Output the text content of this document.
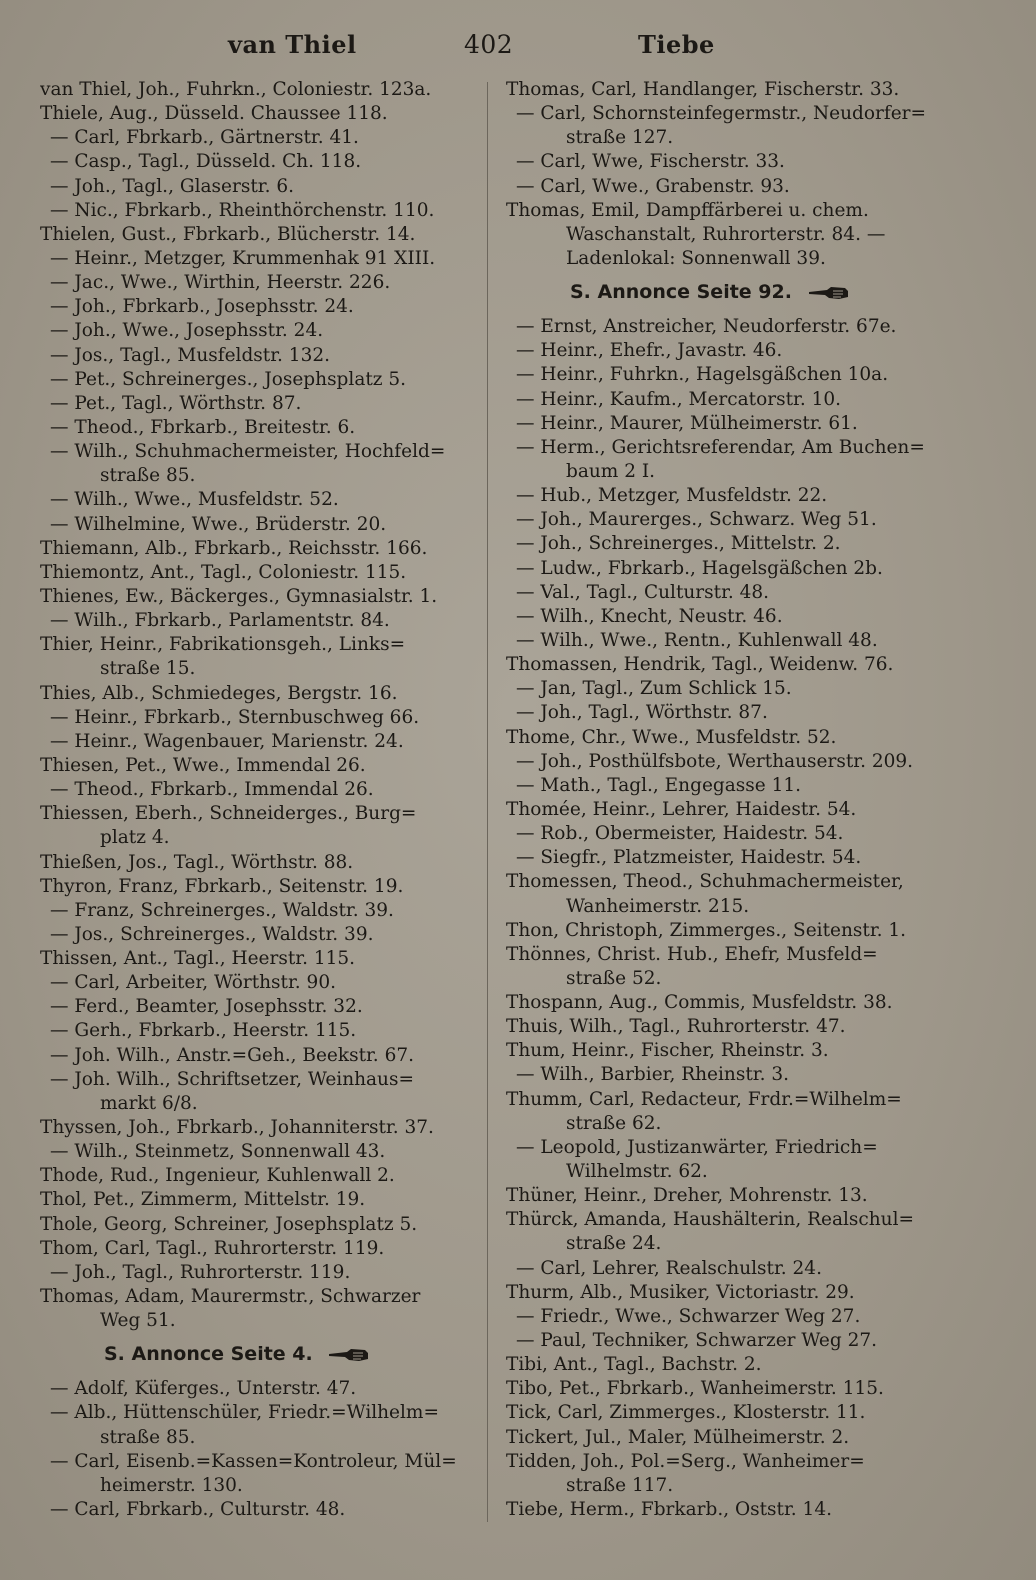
van Thiel	402	Tiebe
van Thiel, Joh., Fuhrkn., Coloniestr. 123a.
Thiele, Aug., Düsseld. Chaussee 118.
— Carl, Fbrkarb., Gärtnerstr. 41.
— Casp., Tagl., Düsseld. Ch. 118.
— Joh., Tagl., Glaserstr. 6.
— Nic., Fbrkarb., Rheinthörchenstr. 110.
Thielen, Gust., Fbrkarb., Blücherstr. 14.
— Heinr., Metzger, Krummenhak 91 XIII.
— Jac., Wwe., Wirthin, Heerstr. 226.
— Joh., Fbrkarb., Josephsstr. 24.
— Joh., Wwe., Josephsstr. 24.
— Jos., Tagl., Musfeldstr. 132.
— Pet., Schreinerges., Josephsplatz 5.
— Pet., Tagl., Wörthstr. 87.
— Theod., Fbrkarb., Breitestr. 6.
— Wilh., Schuhmachermeister, Hochfeld=
straße 85.
— Wilh., Wwe., Musfeldstr. 52.
— Wilhelmine, Wwe., Brüderstr. 20.
Thiemann, Alb., Fbrkarb., Reichsstr. 166.
Thiemontz, Ant., Tagl., Coloniestr. 115.
Thienes, Ew., Bäckerges., Gymnasialstr. 1.
— Wilh., Fbrkarb., Parlamentstr. 84.
Thier, Heinr., Fabrikationsgeh., Links=
straße 15.
Thies, Alb., Schmiedeges, Bergstr. 16.
— Heinr., Fbrkarb., Sternbuschweg 66.
— Heinr., Wagenbauer, Marienstr. 24.
Thiesen, Pet., Wwe., Immendal 26.
— Theod., Fbrkarb., Immendal 26.
Thiessen, Eberh., Schneiderges., Burg=
platz 4.
Thießen, Jos., Tagl., Wörthstr. 88.
Thyron, Franz, Fbrkarb., Seitenstr. 19.
— Franz, Schreinerges., Waldstr. 39.
— Jos., Schreinerges., Waldstr. 39.
Thissen, Ant., Tagl., Heerstr. 115.
— Carl, Arbeiter, Wörthstr. 90.
— Ferd., Beamter, Josephsstr. 32.
— Gerh., Fbrkarb., Heerstr. 115.
— Joh. Wilh., Anstr.=Geh., Beekstr. 67.
— Joh. Wilh., Schriftsetzer, Weinhaus=
markt 6/8.
Thyssen, Joh., Fbrkarb., Johanniterstr. 37.
— Wilh., Steinmetz, Sonnenwall 43.
Thode, Rud., Ingenieur, Kuhlenwall 2.
Thol, Pet., Zimmerm, Mittelstr. 19.
Thole, Georg, Schreiner, Josephsplatz 5.
Thom, Carl, Tagl., Ruhrorterstr. 119.
— Joh., Tagl., Ruhrorterstr. 119.
Thomas, Adam, Maurermstr., Schwarzer
Weg 51.
S. Annonce Seite 4.
— Adolf, Küferges., Unterstr. 47.
— Alb., Hüttenschüler, Friedr.=Wilhelm=
straße 85.
— Carl, Eisenb.=Kassen=Kontroleur, Mül=
heimerstr. 130.
— Carl, Fbrkarb., Culturstr. 48.
Thomas, Carl, Handlanger, Fischerstr. 33.
— Carl, Schornsteinfegermstr., Neudorfer=
straße 127.
— Carl, Wwe, Fischerstr. 33.
— Carl, Wwe., Grabenstr. 93.
Thomas, Emil, Dampffärberei u. chem.
Waschanstalt, Ruhrorterstr. 84. —
Ladenlokal: Sonnenwall 39.
S. Annonce Seite 92.
— Ernst, Anstreicher, Neudorferstr. 67e.
— Heinr., Ehefr., Javastr. 46.
— Heinr., Fuhrkn., Hagelsgäßchen 10a.
— Heinr., Kaufm., Mercatorstr. 10.
— Heinr., Maurer, Mülheimerstr. 61.
— Herm., Gerichtsreferendar, Am Buchen=
baum 2 I.
— Hub., Metzger, Musfeldstr. 22.
— Joh., Maurerges., Schwarz. Weg 51.
— Joh., Schreinerges., Mittelstr. 2.
— Ludw., Fbrkarb., Hagelsgäßchen 2b.
— Val., Tagl., Culturstr. 48.
— Wilh., Knecht, Neustr. 46.
— Wilh., Wwe., Rentn., Kuhlenwall 48.
Thomassen, Hendrik, Tagl., Weidenw. 76.
— Jan, Tagl., Zum Schlick 15.
— Joh., Tagl., Wörthstr. 87.
Thome, Chr., Wwe., Musfeldstr. 52.
— Joh., Posthülfsbote, Werthauserstr. 209.
— Math., Tagl., Engegasse 11.
Thomée, Heinr., Lehrer, Haidestr. 54.
— Rob., Obermeister, Haidestr. 54.
— Siegfr., Platzmeister, Haidestr. 54.
Thomessen, Theod., Schuhmachermeister,
Wanheimerstr. 215.
Thon, Christoph, Zimmerges., Seitenstr. 1.
Thönnes, Christ. Hub., Ehefr, Musfeld=
straße 52.
Thospann, Aug., Commis, Musfeldstr. 38.
Thuis, Wilh., Tagl., Ruhrorterstr. 47.
Thum, Heinr., Fischer, Rheinstr. 3.
— Wilh., Barbier, Rheinstr. 3.
Thumm, Carl, Redacteur, Frdr.=Wilhelm=
straße 62.
— Leopold, Justizanwärter, Friedrich=
Wilhelmstr. 62.
Thüner, Heinr., Dreher, Mohrenstr. 13.
Thürck, Amanda, Haushälterin, Realschul=
straße 24.
— Carl, Lehrer, Realschulstr. 24.
Thurm, Alb., Musiker, Victoriastr. 29.
— Friedr., Wwe., Schwarzer Weg 27.
— Paul, Techniker, Schwarzer Weg 27.
Tibi, Ant., Tagl., Bachstr. 2.
Tibo, Pet., Fbrkarb., Wanheimerstr. 115.
Tick, Carl, Zimmerges., Klosterstr. 11.
Tickert, Jul., Maler, Mülheimerstr. 2.
Tidden, Joh., Pol.=Serg., Wanheimer=
straße 117.
Tiebe, Herm., Fbrkarb., Oststr. 14.
